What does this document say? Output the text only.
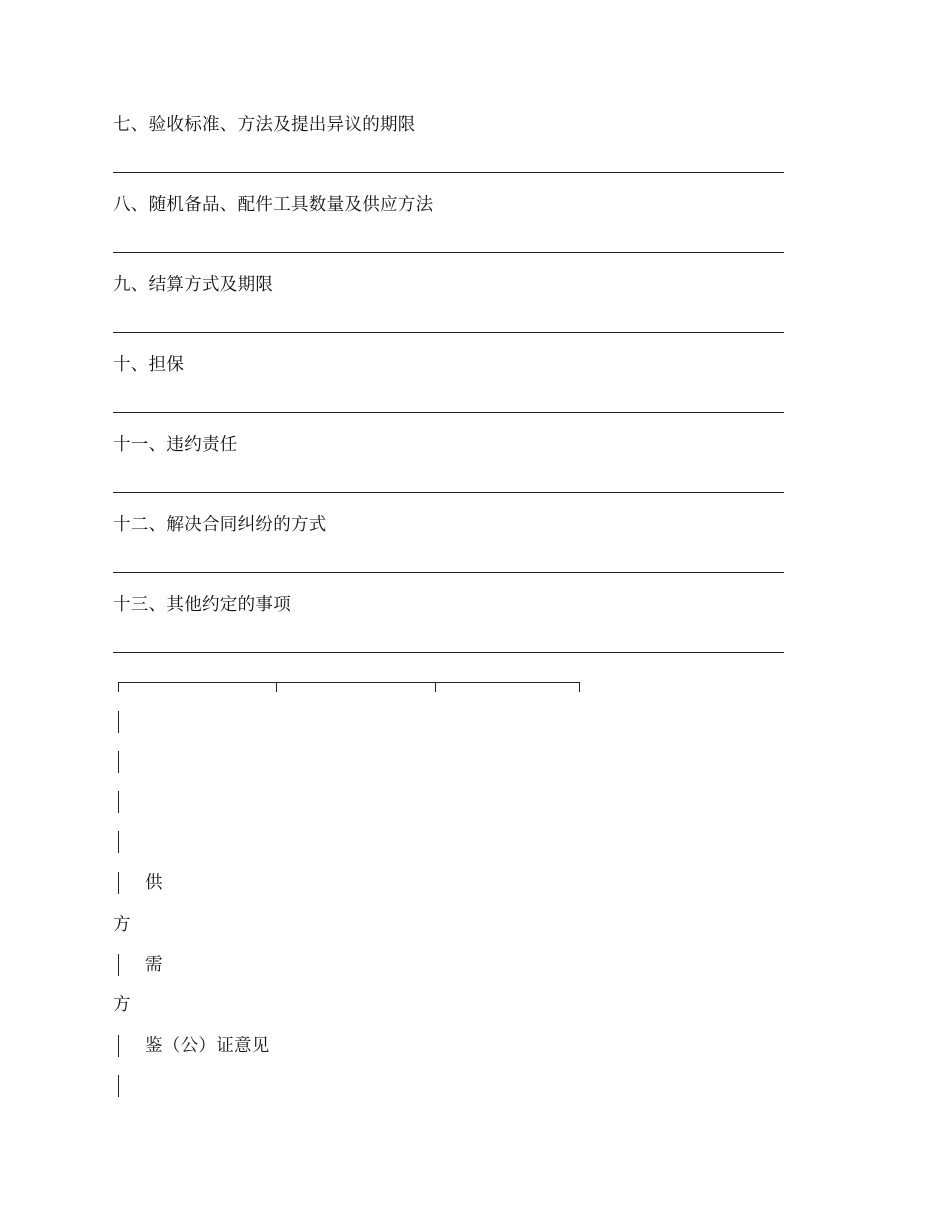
七、验收标准、方法及提出异议的期限
八、随机备品、配件工具数量及供应方法
九、结算方式及期限
十、担保
十一、违约责任
十二、解决合同纠纷的方式
十三、其他约定的事项
供
方
需
方
鉴（公）证意见
